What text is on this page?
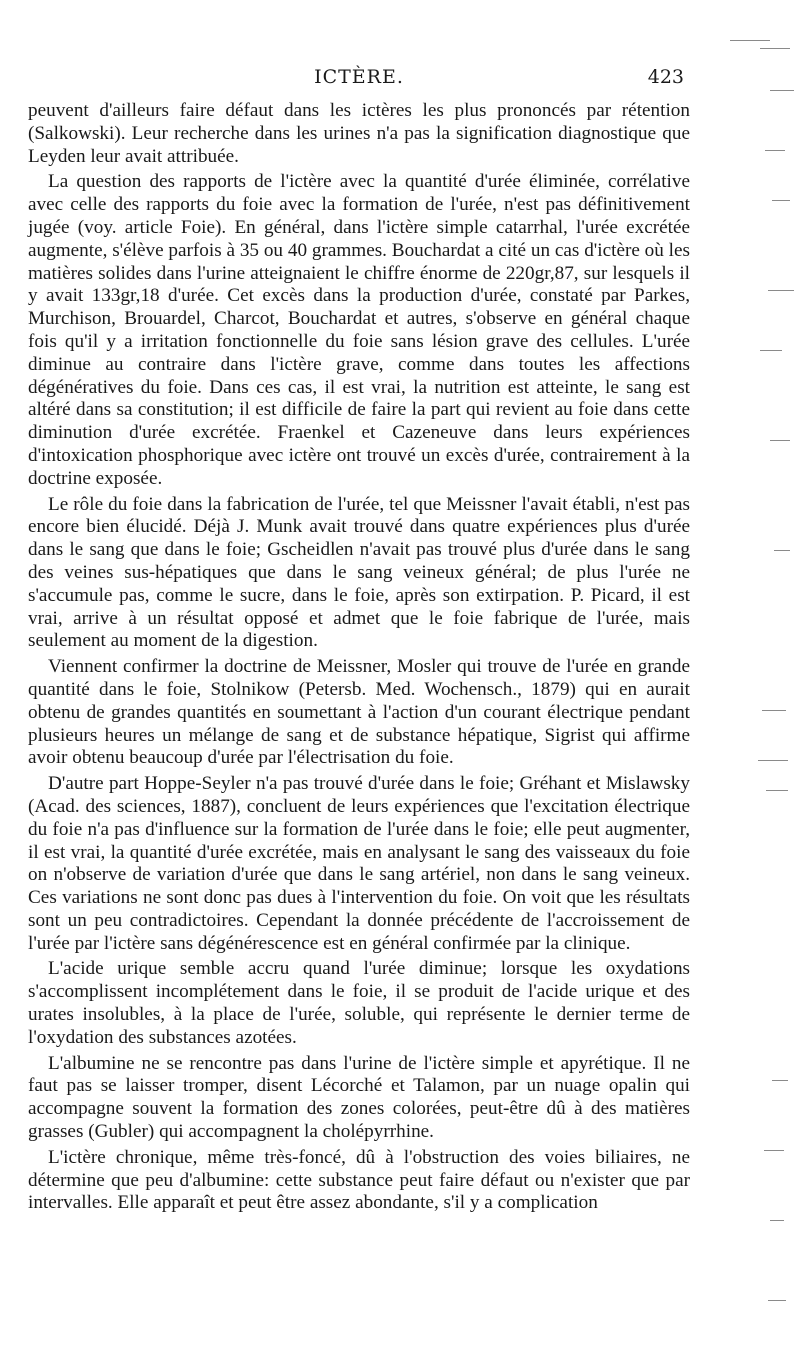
ICTÈRE.	423

peuvent d'ailleurs faire défaut dans les ictères les plus prononcés par rétention (Salkowski). Leur recherche dans les urines n'a pas la signification diagnostique que Leyden leur avait attribuée.

La question des rapports de l'ictère avec la quantité d'urée éliminée, corrélative avec celle des rapports du foie avec la formation de l'urée, n'est pas définitivement jugée (voy. article Foie). En général, dans l'ictère simple catarrhal, l'urée excrétée augmente, s'élève parfois à 35 ou 40 grammes. Bouchardat a cité un cas d'ictère où les matières solides dans l'urine atteignaient le chiffre énorme de 220gr,87, sur lesquels il y avait 133gr,18 d'urée. Cet excès dans la production d'urée, constaté par Parkes, Murchison, Brouardel, Charcot, Bouchardat et autres, s'observe en général chaque fois qu'il y a irritation fonctionnelle du foie sans lésion grave des cellules. L'urée diminue au contraire dans l'ictère grave, comme dans toutes les affections dégénératives du foie. Dans ces cas, il est vrai, la nutrition est atteinte, le sang est altéré dans sa constitution; il est difficile de faire la part qui revient au foie dans cette diminution d'urée excrétée. Fraenkel et Cazeneuve dans leurs expériences d'intoxication phosphorique avec ictère ont trouvé un excès d'urée, contrairement à la doctrine exposée.

Le rôle du foie dans la fabrication de l'urée, tel que Meissner l'avait établi, n'est pas encore bien élucidé. Déjà J. Munk avait trouvé dans quatre expériences plus d'urée dans le sang que dans le foie; Gscheidlen n'avait pas trouvé plus d'urée dans le sang des veines sus-hépatiques que dans le sang veineux général; de plus l'urée ne s'accumule pas, comme le sucre, dans le foie, après son extirpation. P. Picard, il est vrai, arrive à un résultat opposé et admet que le foie fabrique de l'urée, mais seulement au moment de la digestion.

Viennent confirmer la doctrine de Meissner, Mosler qui trouve de l'urée en grande quantité dans le foie, Stolnikow (Petersb. Med. Wochensch., 1879) qui en aurait obtenu de grandes quantités en soumettant à l'action d'un courant électrique pendant plusieurs heures un mélange de sang et de substance hépatique, Sigrist qui affirme avoir obtenu beaucoup d'urée par l'électrisation du foie.

D'autre part Hoppe-Seyler n'a pas trouvé d'urée dans le foie; Gréhant et Mislawsky (Acad. des sciences, 1887), concluent de leurs expériences que l'excitation électrique du foie n'a pas d'influence sur la formation de l'urée dans le foie; elle peut augmenter, il est vrai, la quantité d'urée excrétée, mais en analysant le sang des vaisseaux du foie on n'observe de variation d'urée que dans le sang artériel, non dans le sang veineux. Ces variations ne sont donc pas dues à l'intervention du foie. On voit que les résultats sont un peu contradictoires. Cependant la donnée précédente de l'accroissement de l'urée par l'ictère sans dégénérescence est en général confirmée par la clinique.

L'acide urique semble accru quand l'urée diminue; lorsque les oxydations s'accomplissent incomplétement dans le foie, il se produit de l'acide urique et des urates insolubles, à la place de l'urée, soluble, qui représente le dernier terme de l'oxydation des substances azotées.

L'albumine ne se rencontre pas dans l'urine de l'ictère simple et apyrétique. Il ne faut pas se laisser tromper, disent Lécorché et Talamon, par un nuage opalin qui accompagne souvent la formation des zones colorées, peut-être dû à des matières grasses (Gubler) qui accompagnent la cholépyrrhine.

L'ictère chronique, même très-foncé, dû à l'obstruction des voies biliaires, ne détermine que peu d'albumine: cette substance peut faire défaut ou n'exister que par intervalles. Elle apparaît et peut être assez abondante, s'il y a complication
